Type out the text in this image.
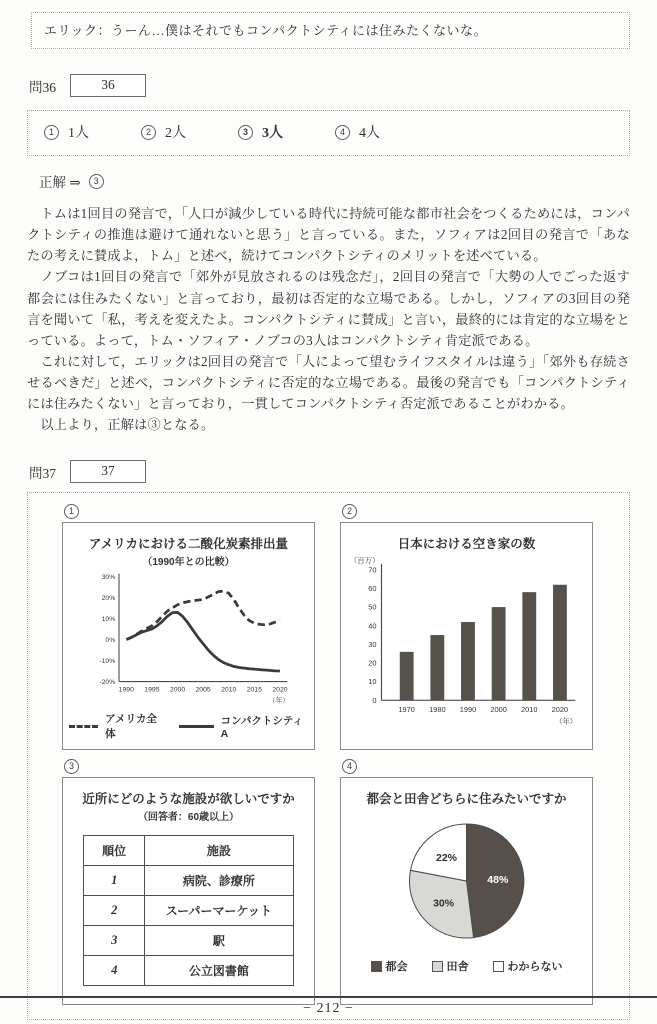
エリック：うーん…僕はそれでもコンパクトシティには住みたくないな。
問36	36
1	1人	2	2人	3	3人	4	4人
正解 ⇒	3

　トムは1回目の発言で，「人口が減少している時代に持続可能な都市社会をつくるためには，コンパクトシティの推進は避けて通れないと思う」と言っている。また，ソフィアは2回目の発言で「あなたの考えに賛成よ，トム」と述べ，続けてコンパクトシティのメリットを述べている。

　ノブコは1回目の発言で「郊外が見放されるのは残念だ」，2回目の発言で「大勢の人でごった返す都会には住みたくない」と言っており，最初は否定的な立場である。しかし，ソフィアの3回目の発言を聞いて「私，考えを変えたよ。コンパクトシティに賛成」と言い，最終的には肯定的な立場をとっている。よって，トム・ソフィア・ノブコの3人はコンパクトシティ肯定派である。

　これに対して，エリックは2回目の発言で「人によって望むライフスタイルは違う」「郊外も存続させるべきだ」と述べ，コンパクトシティに否定的な立場である。最後の発言でも「コンパクトシティには住みたくない」と言っており，一貫してコンパクトシティ否定派であることがわかる。

　以上より，正解は③となる。

問37	37
1
アメリカにおける二酸化炭素排出量
（1990年との比較）
30%
20%
10%
0%
-10%
-20%
1990 1995 2000 2005 2010 2015 2020
（年）
アメリカ全体
コンパクトシティA
2
日本における空き家の数
（百万）
0
10
20
30
40
50
60
70
1970 1980 1990 2000 2010 2020
（年）
3
近所にどのような施設が欲しいですか
（回答者：60歳以上）
順位	施設
1	病院、診療所
2	スーパーマーケット
3	駅
4	公立図書館
4
都会と田舎どちらに住みたいですか
48%
30%
22%
都会	田舎	わからない
− 212 −
